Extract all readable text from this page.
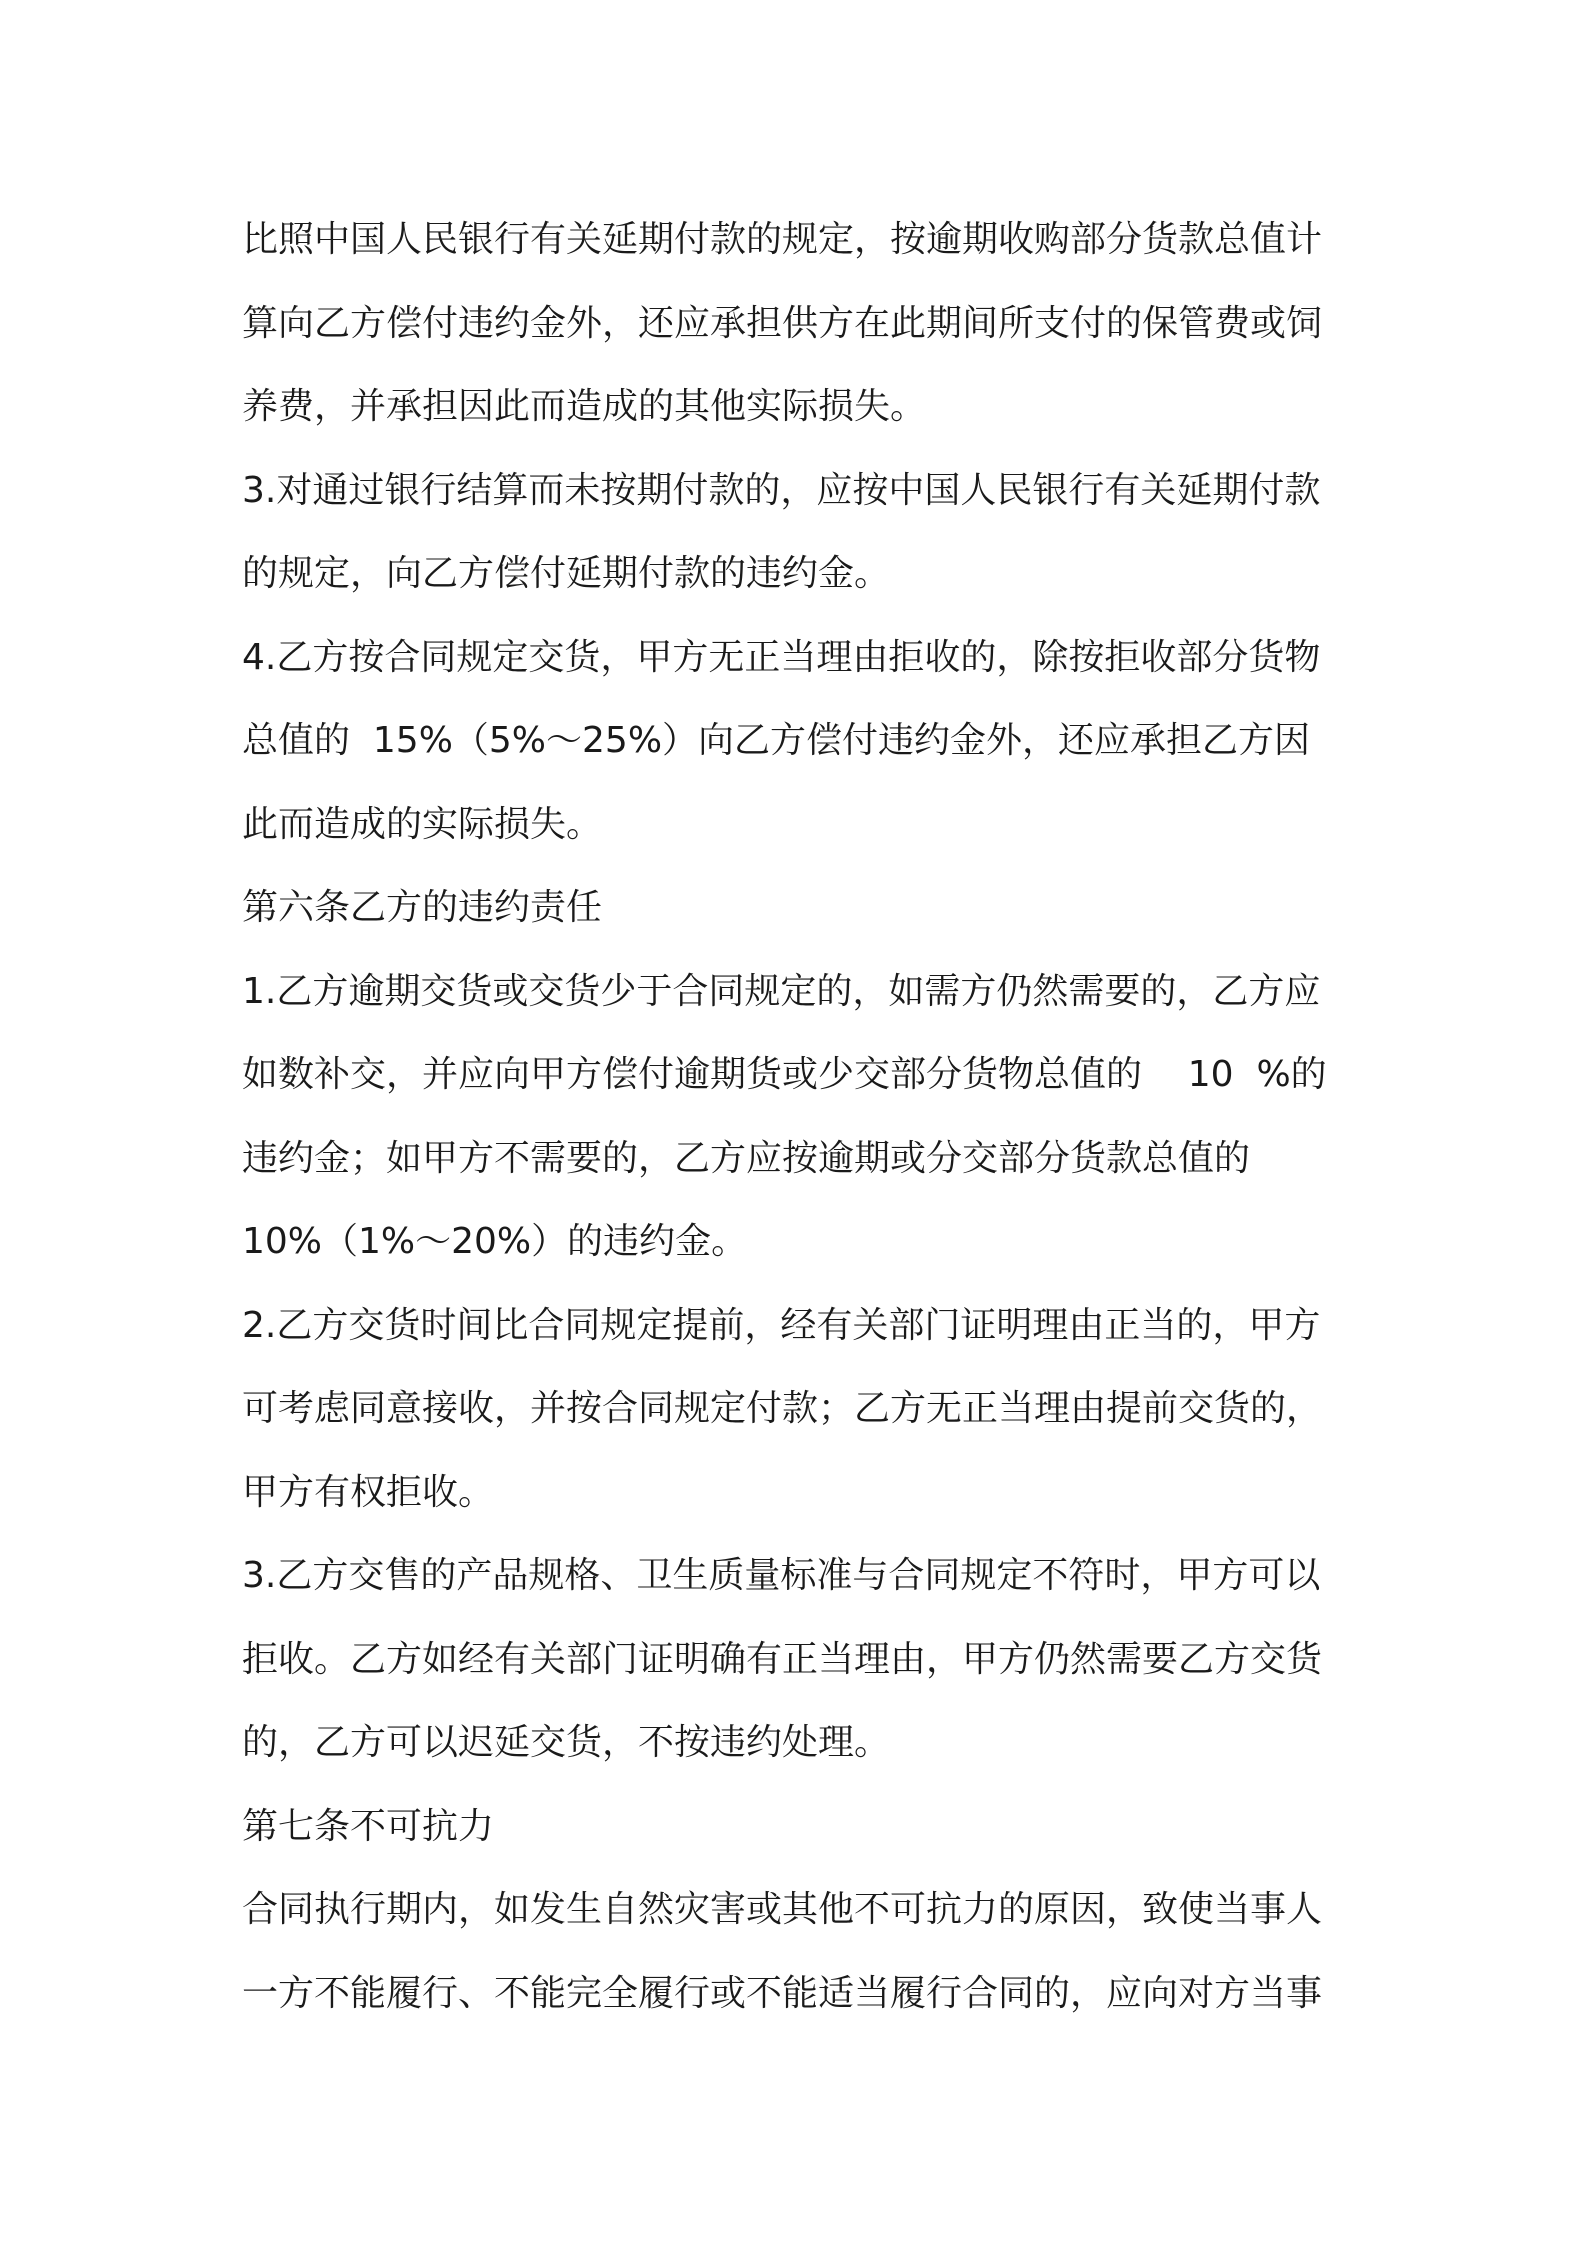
比照中国人民银行有关延期付款的规定，按逾期收购部分货款总值计
算向乙方偿付违约金外，还应承担供方在此期间所支付的保管费或饲
养费，并承担因此而造成的其他实际损失。
3.对通过银行结算而未按期付款的，应按中国人民银行有关延期付款
的规定，向乙方偿付延期付款的违约金。
4.乙方按合同规定交货，甲方无正当理由拒收的，除按拒收部分货物
总值的  15%（5%～25%）向乙方偿付违约金外，还应承担乙方因
此而造成的实际损失。
第六条乙方的违约责任
1.乙方逾期交货或交货少于合同规定的，如需方仍然需要的，乙方应
如数补交，并应向甲方偿付逾期货或少交部分货物总值的    10  %的
违约金；如甲方不需要的，乙方应按逾期或分交部分货款总值的
10%（1%～20%）的违约金。
2.乙方交货时间比合同规定提前，经有关部门证明理由正当的，甲方
可考虑同意接收，并按合同规定付款；乙方无正当理由提前交货的，
甲方有权拒收。
3.乙方交售的产品规格、卫生质量标准与合同规定不符时，甲方可以
拒收。乙方如经有关部门证明确有正当理由，甲方仍然需要乙方交货
的，乙方可以迟延交货，不按违约处理。
第七条不可抗力
合同执行期内，如发生自然灾害或其他不可抗力的原因，致使当事人
一方不能履行、不能完全履行或不能适当履行合同的，应向对方当事
